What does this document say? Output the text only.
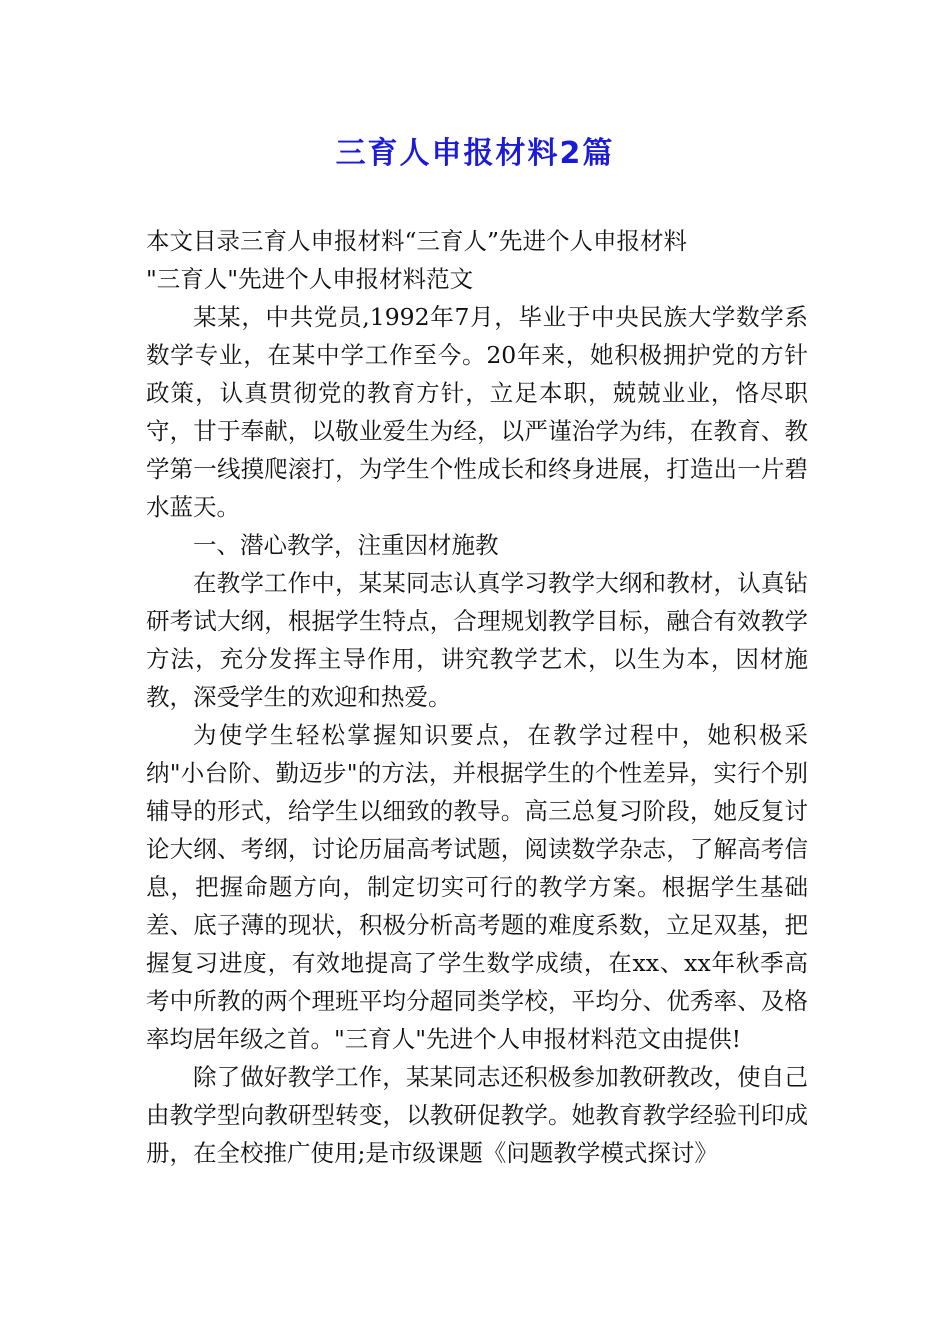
三育人申报材料2篇

本文目录三育人申报材料“三育人”先进个人申报材料

"三育人"先进个人申报材料范文

某某，中共党员,1992年7月，毕业于中央民族大学数学系数学专业，在某中学工作至今。20年来，她积极拥护党的方针政策，认真贯彻党的教育方针，立足本职，兢兢业业，恪尽职守，甘于奉献，以敬业爱生为经，以严谨治学为纬，在教育、教学第一线摸爬滚打，为学生个性成长和终身进展，打造出一片碧水蓝天。

一、潜心教学，注重因材施教

在教学工作中，某某同志认真学习教学大纲和教材，认真钻研考试大纲，根据学生特点，合理规划教学目标，融合有效教学方法，充分发挥主导作用，讲究教学艺术，以生为本，因材施教，深受学生的欢迎和热爱。

为使学生轻松掌握知识要点，在教学过程中，她积极采纳"小台阶、勤迈步"的方法，并根据学生的个性差异，实行个别辅导的形式，给学生以细致的教导。高三总复习阶段，她反复讨论大纲、考纲，讨论历届高考试题，阅读数学杂志，了解高考信息，把握命题方向，制定切实可行的教学方案。根据学生基础差、底子薄的现状，积极分析高考题的难度系数，立足双基，把握复习进度，有效地提高了学生数学成绩，在xx、xx年秋季高考中所教的两个理班平均分超同类学校，平均分、优秀率、及格率均居年级之首。"三育人"先进个人申报材料范文由提供!

除了做好教学工作，某某同志还积极参加教研教改，使自己由教学型向教研型转变，以教研促教学。她教育教学经验刊印成册，在全校推广使用;是市级课题《问题教学模式探讨》
